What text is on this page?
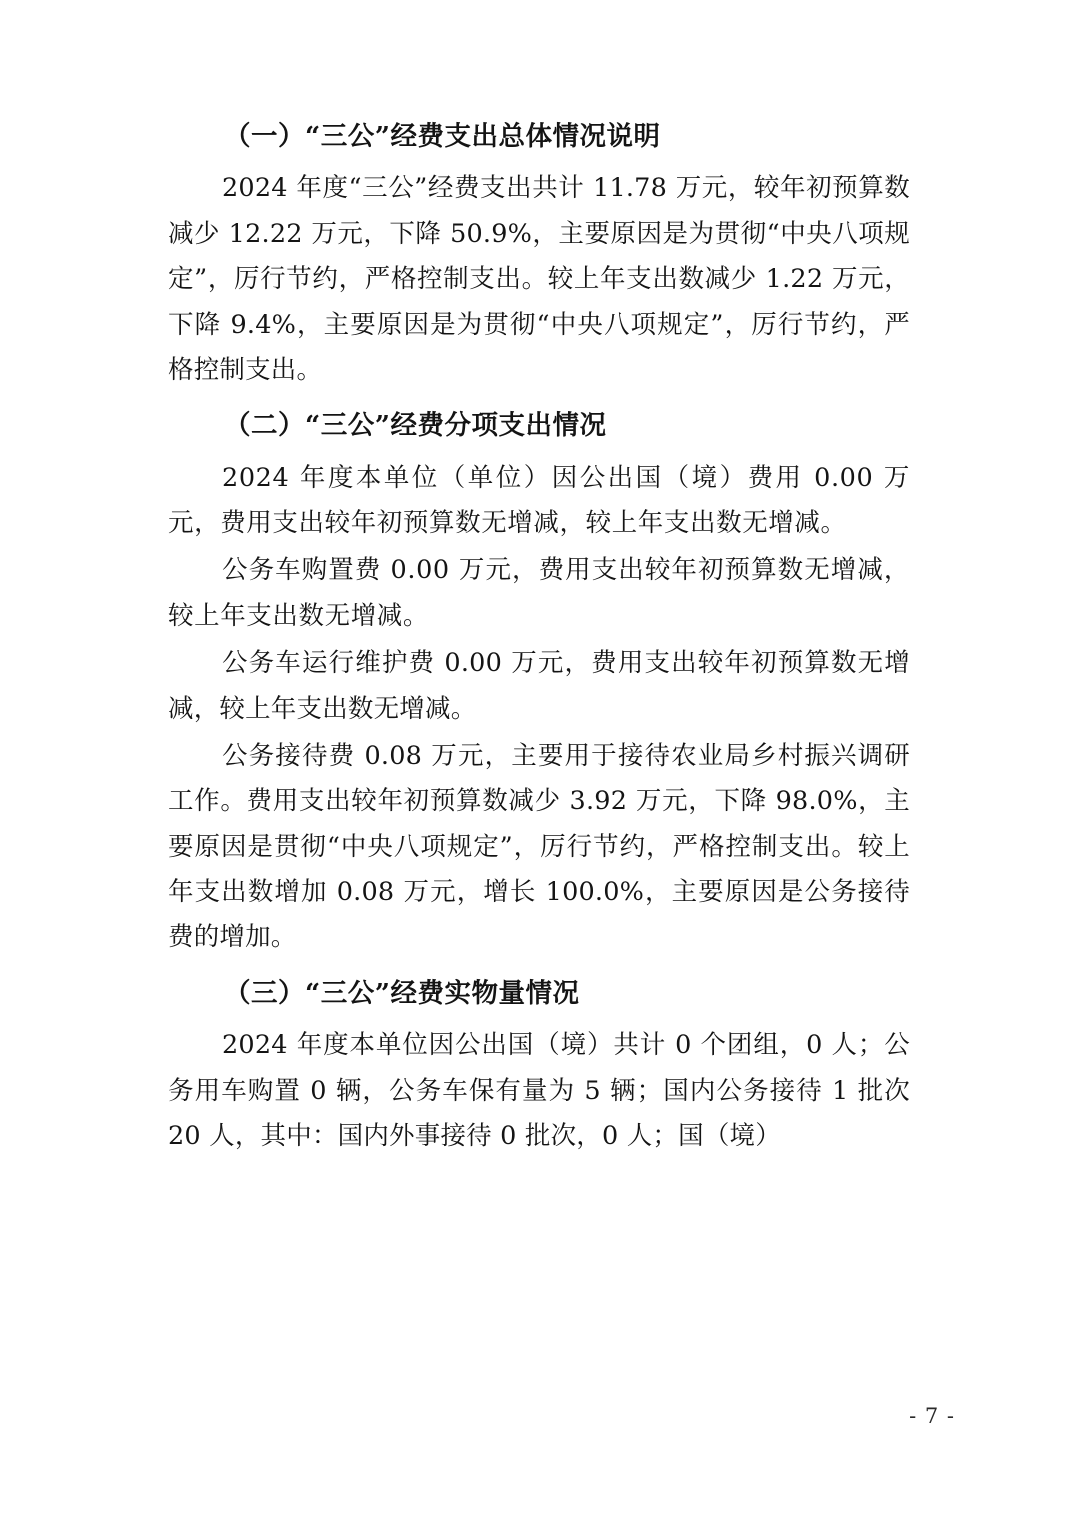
（一）“三公”经费支出总体情况说明

2024 年度“三公”经费支出共计 11.78 万元，较年初预算数减少 12.22 万元，下降 50.9%，主要原因是为贯彻“中央八项规定”，厉行节约，严格控制支出。较上年支出数减少 1.22 万元，下降 9.4%，主要原因是为贯彻“中央八项规定”，厉行节约，严格控制支出。

（二）“三公”经费分项支出情况

2024 年度本单位（单位）因公出国（境）费用 0.00 万元，费用支出较年初预算数无增减，较上年支出数无增减。

公务车购置费 0.00 万元，费用支出较年初预算数无增减，较上年支出数无增减。

公务车运行维护费 0.00 万元，费用支出较年初预算数无增减，较上年支出数无增减。

公务接待费 0.08 万元，主要用于接待农业局乡村振兴调研工作。费用支出较年初预算数减少 3.92 万元，下降 98.0%，主要原因是贯彻“中央八项规定”，厉行节约，严格控制支出。较上年支出数增加 0.08 万元，增长 100.0%，主要原因是公务接待费的增加。

（三）“三公”经费实物量情况

2024 年度本单位因公出国（境）共计 0 个团组，0 人；公务用车购置 0 辆，公务车保有量为 5 辆；国内公务接待 1 批次 20 人，其中：国内外事接待 0 批次，0 人；国（境）

- 7 -
